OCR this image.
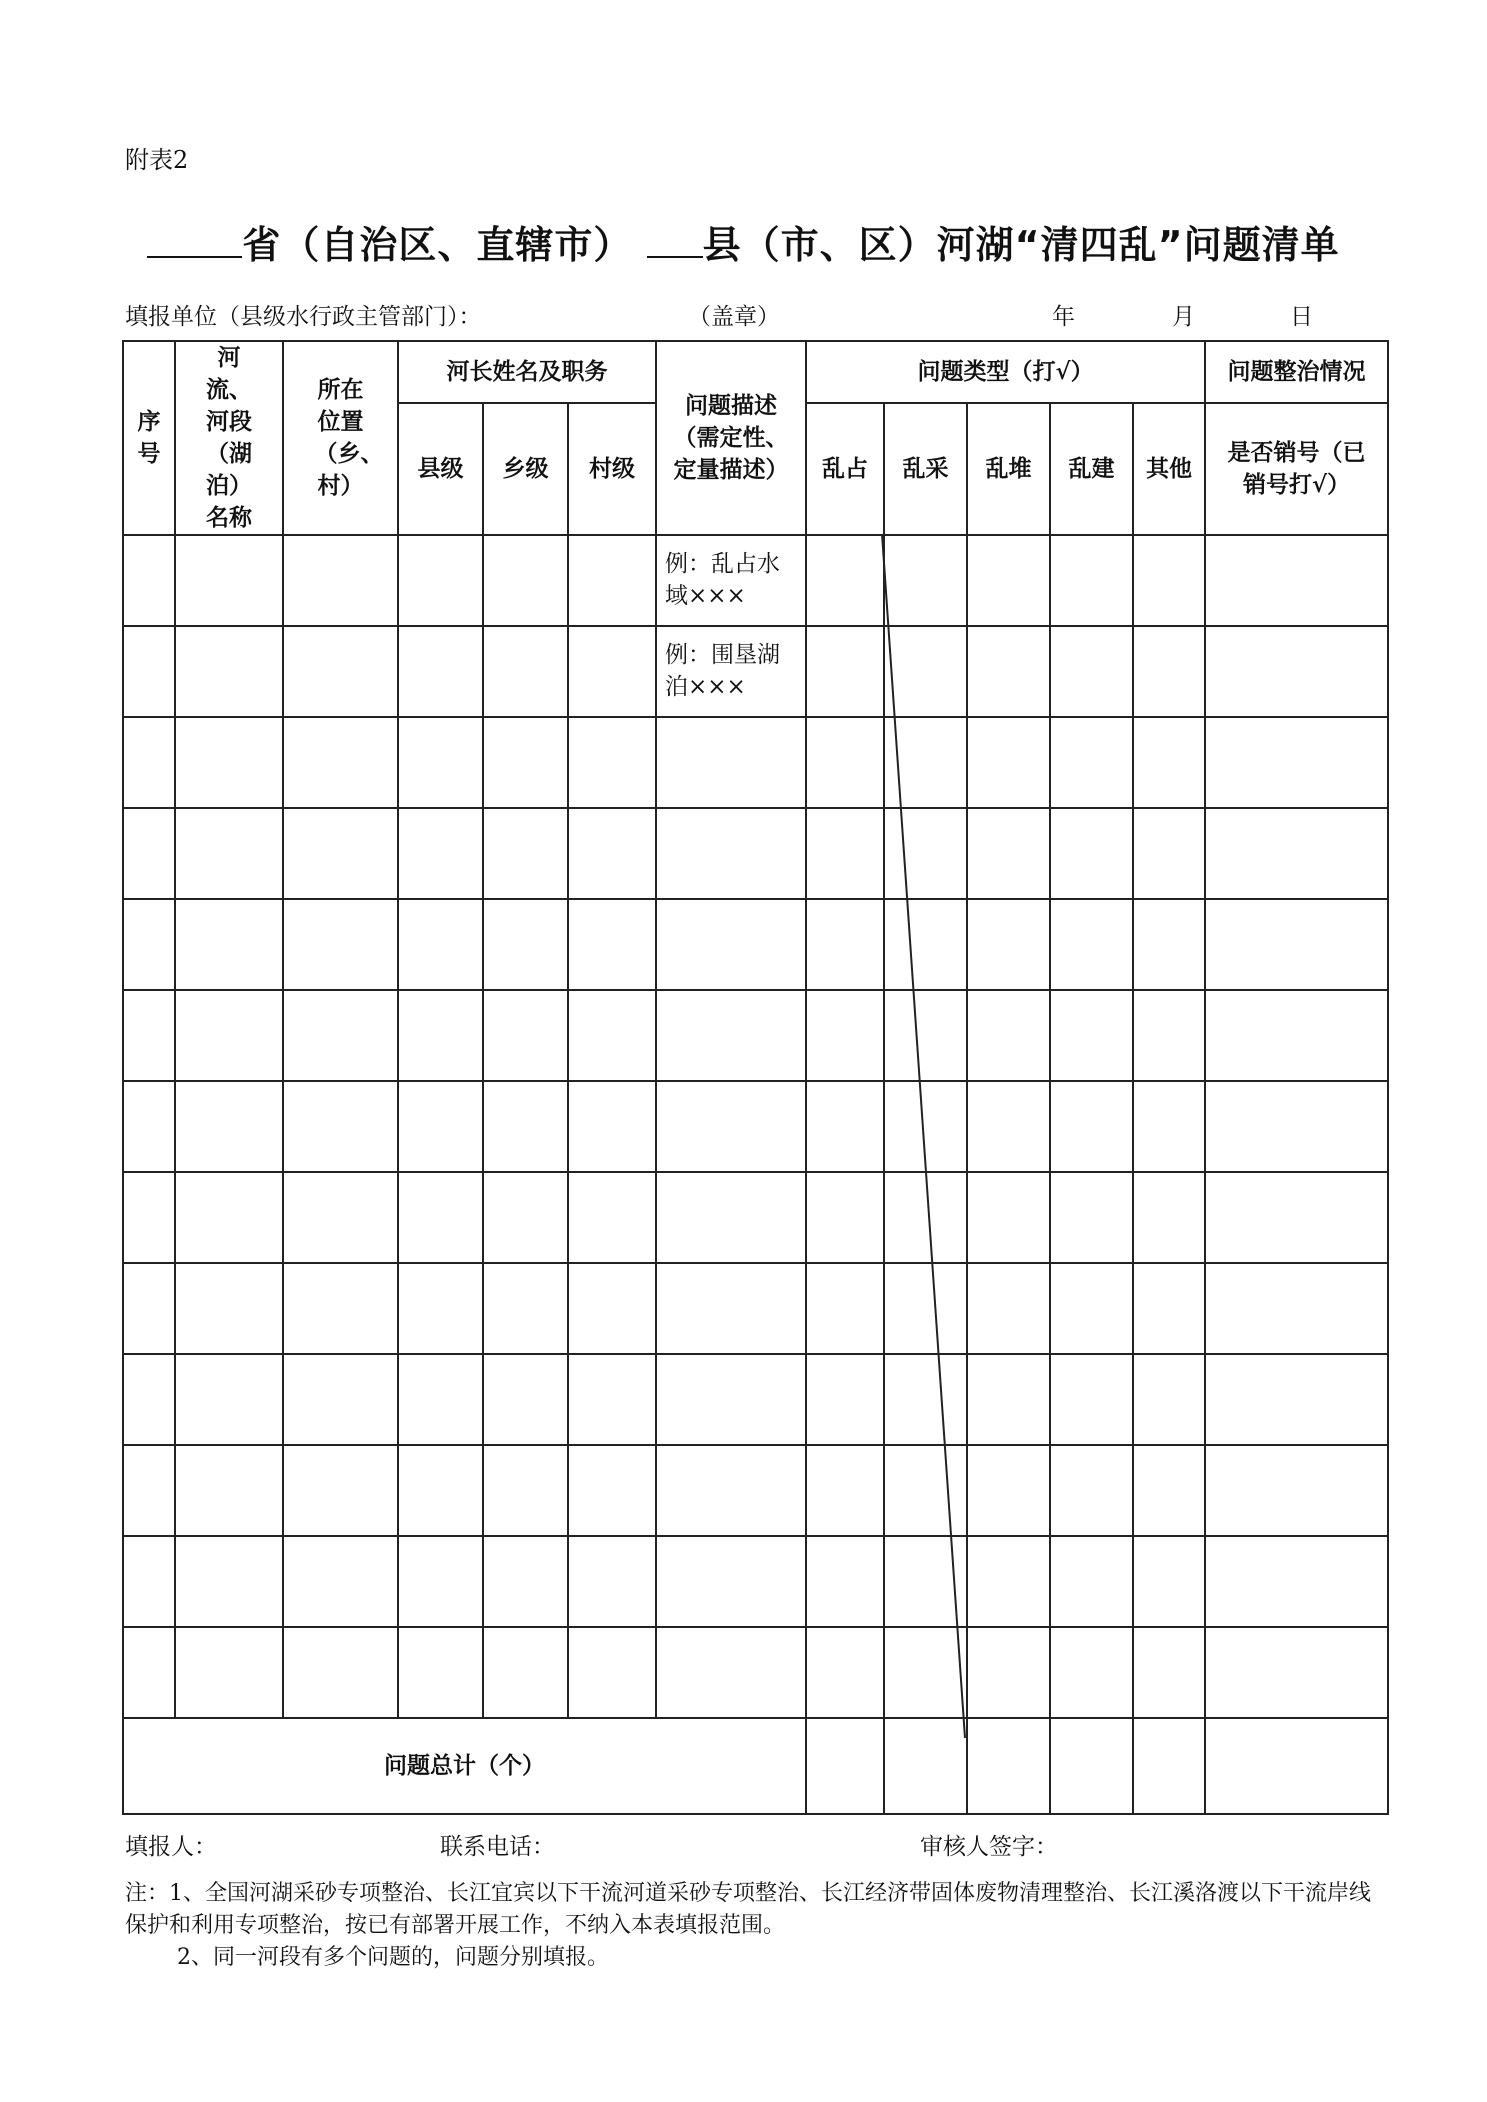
附表2
省（自治区、直辖市） 县（市、区）河湖“清四乱”问题清单
填报单位（县级水行政主管部门）：	（盖章）	年	月	日
序号	河流、河段（湖泊）名称	所在位置（乡、村）	河长姓名及职务			问题描述（需定性、定量描述）	问题类型（打√）					问题整治情况
			县级	乡级	村级		乱占	乱采	乱堆	乱建	其他	是否销号（已销号打√）
						例：乱占水域×××						
						例：围垦湖泊×××						

问题总计（个）												
填报人：	联系电话：	审核人签字：

注：1、全国河湖采砂专项整治、长江宜宾以下干流河道采砂专项整治、长江经济带固体废物清理整治、长江溪洛渡以下干流岸线保护和利用专项整治，按已有部署开展工作，不纳入本表填报范围。

2、同一河段有多个问题的，问题分别填报。
